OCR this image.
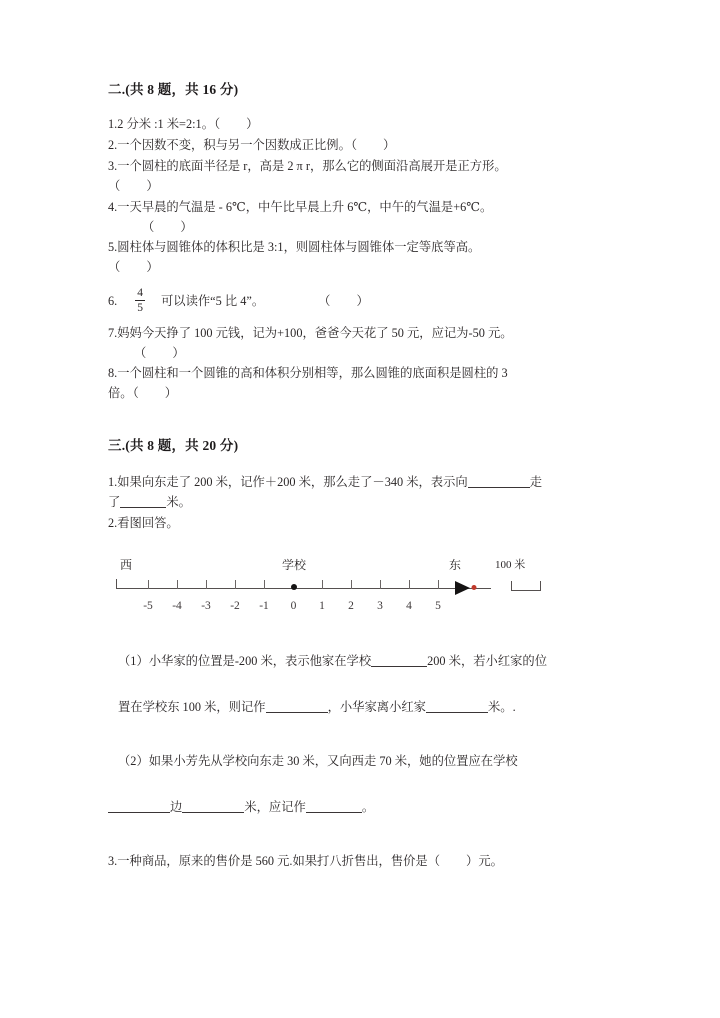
二.(共 8 题，共 16 分)

1.2 分米 :1 米=2:1。（ ）

2.一个因数不变，积与另一个因数成正比例。（ ）

3.一个圆柱的底面半径是 r，高是 2 π r，那么它的侧面沿高展开是正方形。
（ ）

4.一天早晨的气温是 - 6℃，中午比早晨上升 6℃，中午的气温是+6℃。
（ ）

5.圆柱体与圆锥体的体积比是 3:1，则圆柱体与圆锥体一定等底等高。
（ ）

6. $\frac{4}{5}$ 可以读作“5 比 4”。	（ ）

7.妈妈今天挣了 100 元钱，记为+100，爸爸今天花了 50 元，应记为-50 元。
（ ）

8.一个圆柱和一个圆锥的高和体积分别相等，那么圆锥的底面积是圆柱的 3
倍。（ ）

三.(共 8 题，共 20 分)

1.如果向东走了 200 米，记作＋200 米，那么走了－340 米，表示向	走
了	米。

2.看图回答。

西	学校	东	100 米
-5 -4 -3 -2 -1 0 1 2 3 4 5

（1）小华家的位置是-200 米，表示他家在学校	200 米，若小红家的位
置在学校东 100 米，则记作	，小华家离小红家	米。.

（2）如果小芳先从学校向东走 30 米，又向西走 70 米，她的位置应在学校
边	米，应记作	。

3.一种商品，原来的售价是 560 元.如果打八折售出，售价是（ ）元。
